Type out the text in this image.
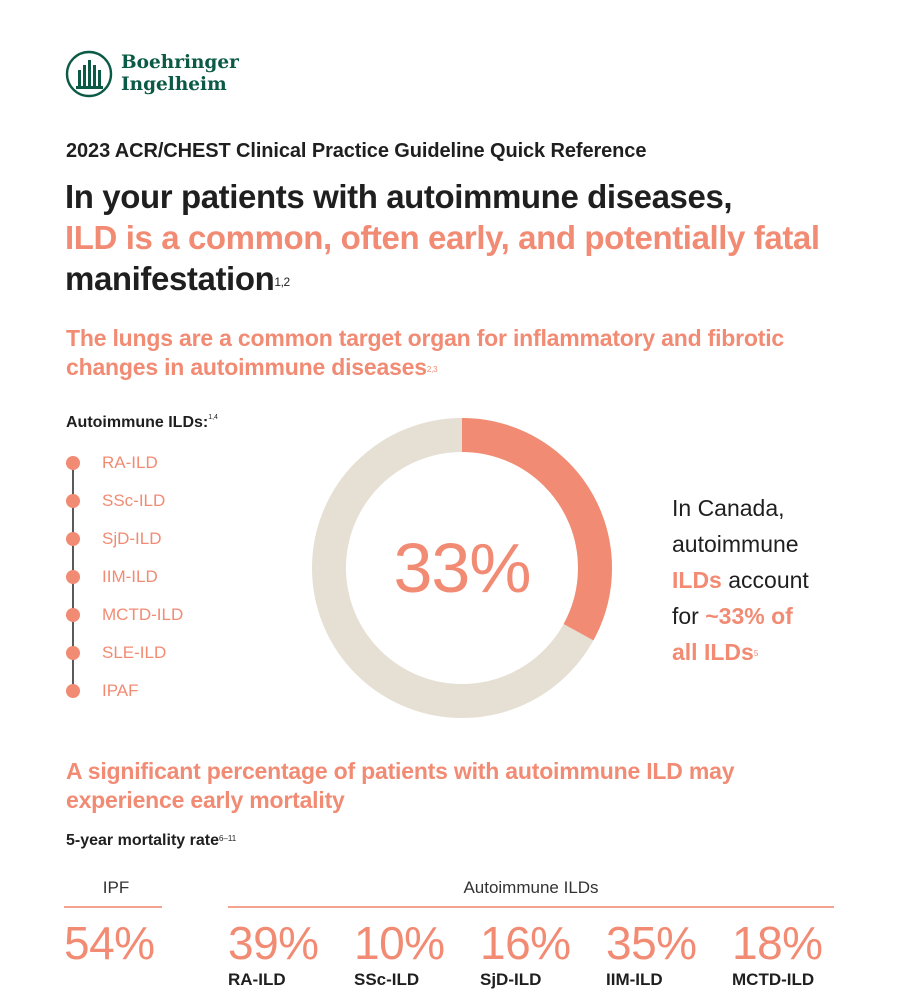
Boehringer
Ingelheim
2023 ACR/CHEST Clinical Practice Guideline Quick Reference
In your patients with autoimmune diseases,
ILD is a common, often early, and potentially fatal manifestation$^{1,2}$
The lungs are a common target organ for inflammatory and fibrotic changes in autoimmune diseases$^{2,3}$
Autoimmune ILDs:$^{1,4}$
RA-ILD
SSc-ILD
SjD-ILD
IIM-ILD
MCTD-ILD
SLE-ILD
IPAF
33%
In Canada,
autoimmune
ILDs account
for ~33% of
all ILDs$^5$
A significant percentage of patients with autoimmune ILD may experience early mortality
5-year mortality rate$^{6-11}$
IPF	Autoimmune ILDs
54% 39%
RA-ILD
10%
SSc-ILD
16%
SjD-ILD
35%
IIM-ILD
18%
MCTD-ILD
